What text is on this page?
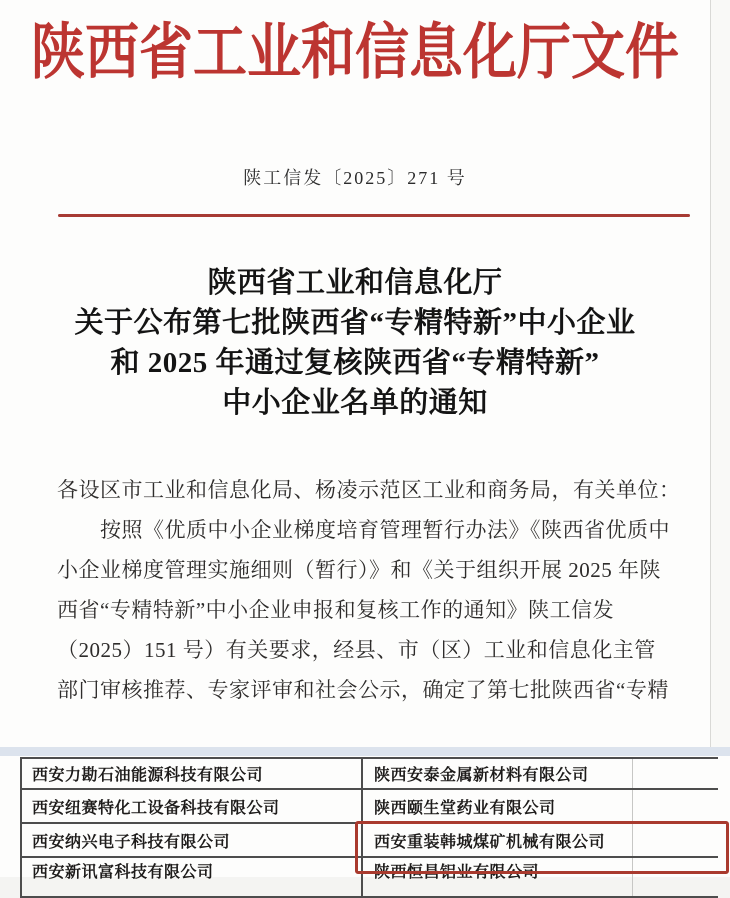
陕西省工业和信息化厅文件
陕工信发〔2025〕271 号
陕西省工业和信息化厅
关于公布第七批陕西省“专精特新”中小企业
和 2025 年通过复核陕西省“专精特新”
中小企业名单的通知
各设区市工业和信息化局、杨凌示范区工业和商务局，有关单位：
按照《优质中小企业梯度培育管理暂行办法》《陕西省优质中
小企业梯度管理实施细则（暂行）》和《关于组织开展 2025 年陕
西省“专精特新”中小企业申报和复核工作的通知》陕工信发
（2025）151 号）有关要求，经县、市（区）工业和信息化主管
部门审核推荐、专家评审和社会公示，确定了第七批陕西省“专精
西安力勘石油能源科技有限公司	陕西安泰金属新材料有限公司
西安纽赛特化工设备科技有限公司	陕西颐生堂药业有限公司
西安纳兴电子科技有限公司	西安重装韩城煤矿机械有限公司
西安新讯富科技有限公司	陕西恒昌铝业有限公司
